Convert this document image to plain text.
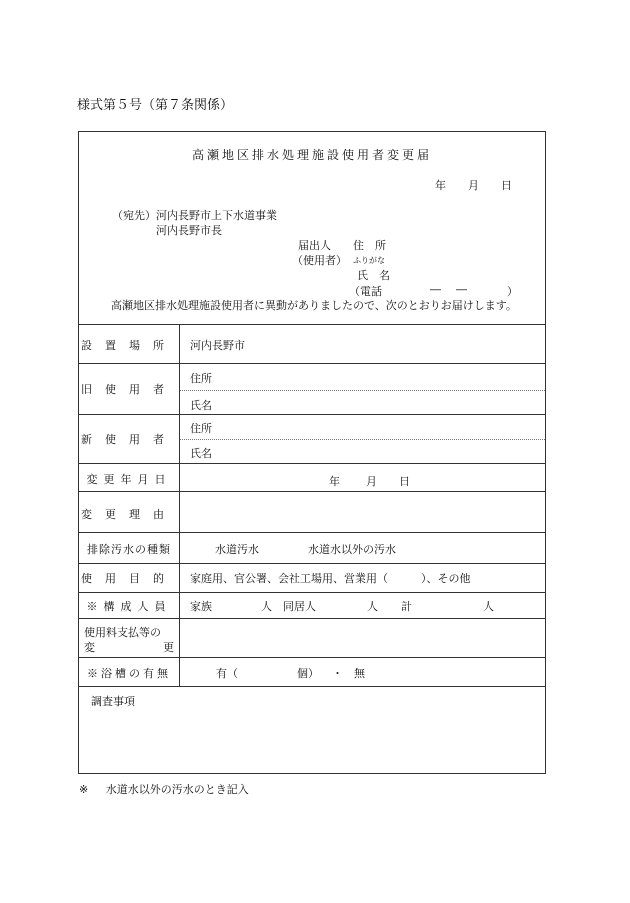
様式第５号（第７条関係）
高瀬地区排水処理施設使用者変更届
年　　月　　日
（宛先） 河内長野市上下水道事業
河内長野市長
届出人 住　所
（使用者） ふりがな
氏　名
（電話	― ―	）
高瀬地区排水処理施設使用者に異動がありましたので、次のとおりお届けします。
設置場所 河内長野市
旧使用者
住所
氏名
新使用者
住所
氏名
変更年月日	年 月 日
変更理由
排除汚水の種類	水道汚水	水道水以外の汚水
使用目的 家庭用、官公署、会社工場用、営業用（　　　）、その他
※構成人員	家族	人 同居人	人 計	人
使用料支払等の
変	更
※浴槽の有無	有（	個） ・ 無
調査事項
※ 水道水以外の汚水のとき記入
